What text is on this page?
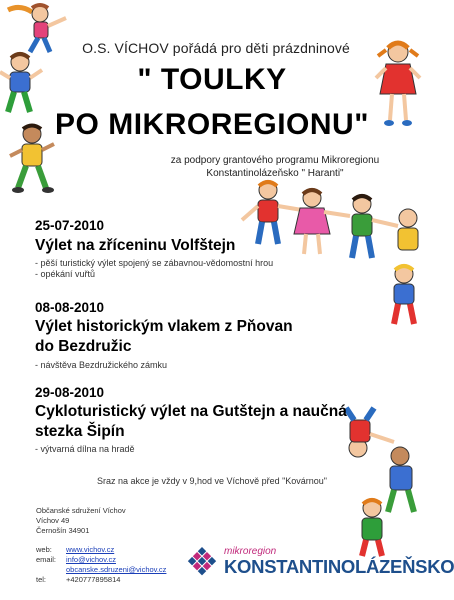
O.S. VÍCHOV pořádá pro děti prázdninové
" TOULKY
PO MIKROREGIONU"
za podpory grantového programu Mikroregionu
Konstantinolázeňsko " Haranti"
25-07-2010
Výlet na zříceninu Volfštejn
- pěší turistický výlet spojený se zábavnou-vědomostní hrou
- opékání vuřtů
08-08-2010
Výlet historickým vlakem z Pňovan
do Bezdružic
- návštěva Bezdružického zámku
29-08-2010
Cykloturistický výlet na Gutštejn a naučná
stezka Šipín
- výtvarná dílna na hradě
Sraz na akce je vždy v 9,hod ve Víchově před "Kovárnou"
Občanské sdružení Víchov
Víchov 49
Černošín 34901
web: www.vichov.cz
email: info@vichov.cz
obcanske.sdruzeni@vichov.cz
tel:	+420777895814
mikroregion
KONSTANTINOLÁZEŇSKO
